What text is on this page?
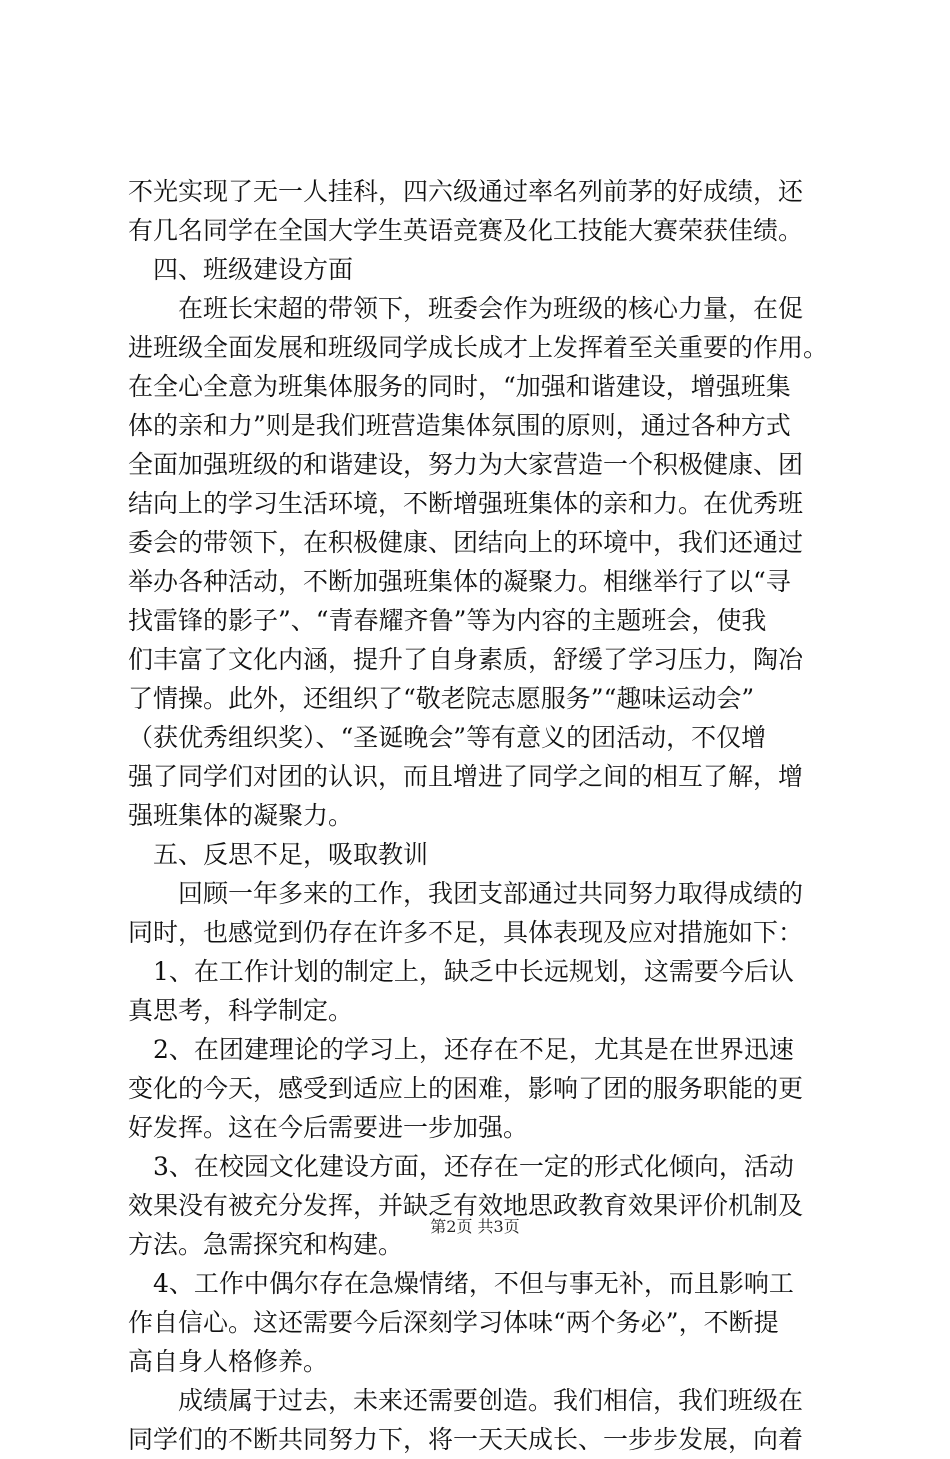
不光实现了无一人挂科，四六级通过率名列前茅的好成绩，还
有几名同学在全国大学生英语竞赛及化工技能大赛荣获佳绩。
　四、班级建设方面
　　在班长宋超的带领下，班委会作为班级的核心力量，在促
进班级全面发展和班级同学成长成才上发挥着至关重要的作用。
在全心全意为班集体服务的同时，“加强和谐建设，增强班集
体的亲和力”则是我们班营造集体氛围的原则，通过各种方式
全面加强班级的和谐建设，努力为大家营造一个积极健康、团
结向上的学习生活环境，不断增强班集体的亲和力。在优秀班
委会的带领下，在积极健康、团结向上的环境中，我们还通过
举办各种活动，不断加强班集体的凝聚力。相继举行了以“寻
找雷锋的影子”、“青春耀齐鲁”等为内容的主题班会，使我
们丰富了文化内涵，提升了自身素质，舒缓了学习压力，陶冶
了情操。此外，还组织了“敬老院志愿服务”“趣味运动会”
（获优秀组织奖）、“圣诞晚会”等有意义的团活动，不仅增
强了同学们对团的认识，而且增进了同学之间的相互了解，增
强班集体的凝聚力。
　五、反思不足，吸取教训
　　回顾一年多来的工作，我团支部通过共同努力取得成绩的
同时，也感觉到仍存在许多不足，具体表现及应对措施如下：
　1、在工作计划的制定上，缺乏中长远规划，这需要今后认
真思考，科学制定。
　2、在团建理论的学习上，还存在不足，尤其是在世界迅速
变化的今天，感受到适应上的困难，影响了团的服务职能的更
好发挥。这在今后需要进一步加强。
　3、在校园文化建设方面，还存在一定的形式化倾向，活动
效果没有被充分发挥，并缺乏有效地思政教育效果评价机制及
方法。急需探究和构建。
　4、工作中偶尔存在急燥情绪，不但与事无补，而且影响工
作自信心。这还需要今后深刻学习体味“两个务必”，不断提
高自身人格修养。
　　成绩属于过去，未来还需要创造。我们相信，我们班级在
同学们的不断共同努力下，将一天天成长、一步步发展，向着
第2页 共3页
